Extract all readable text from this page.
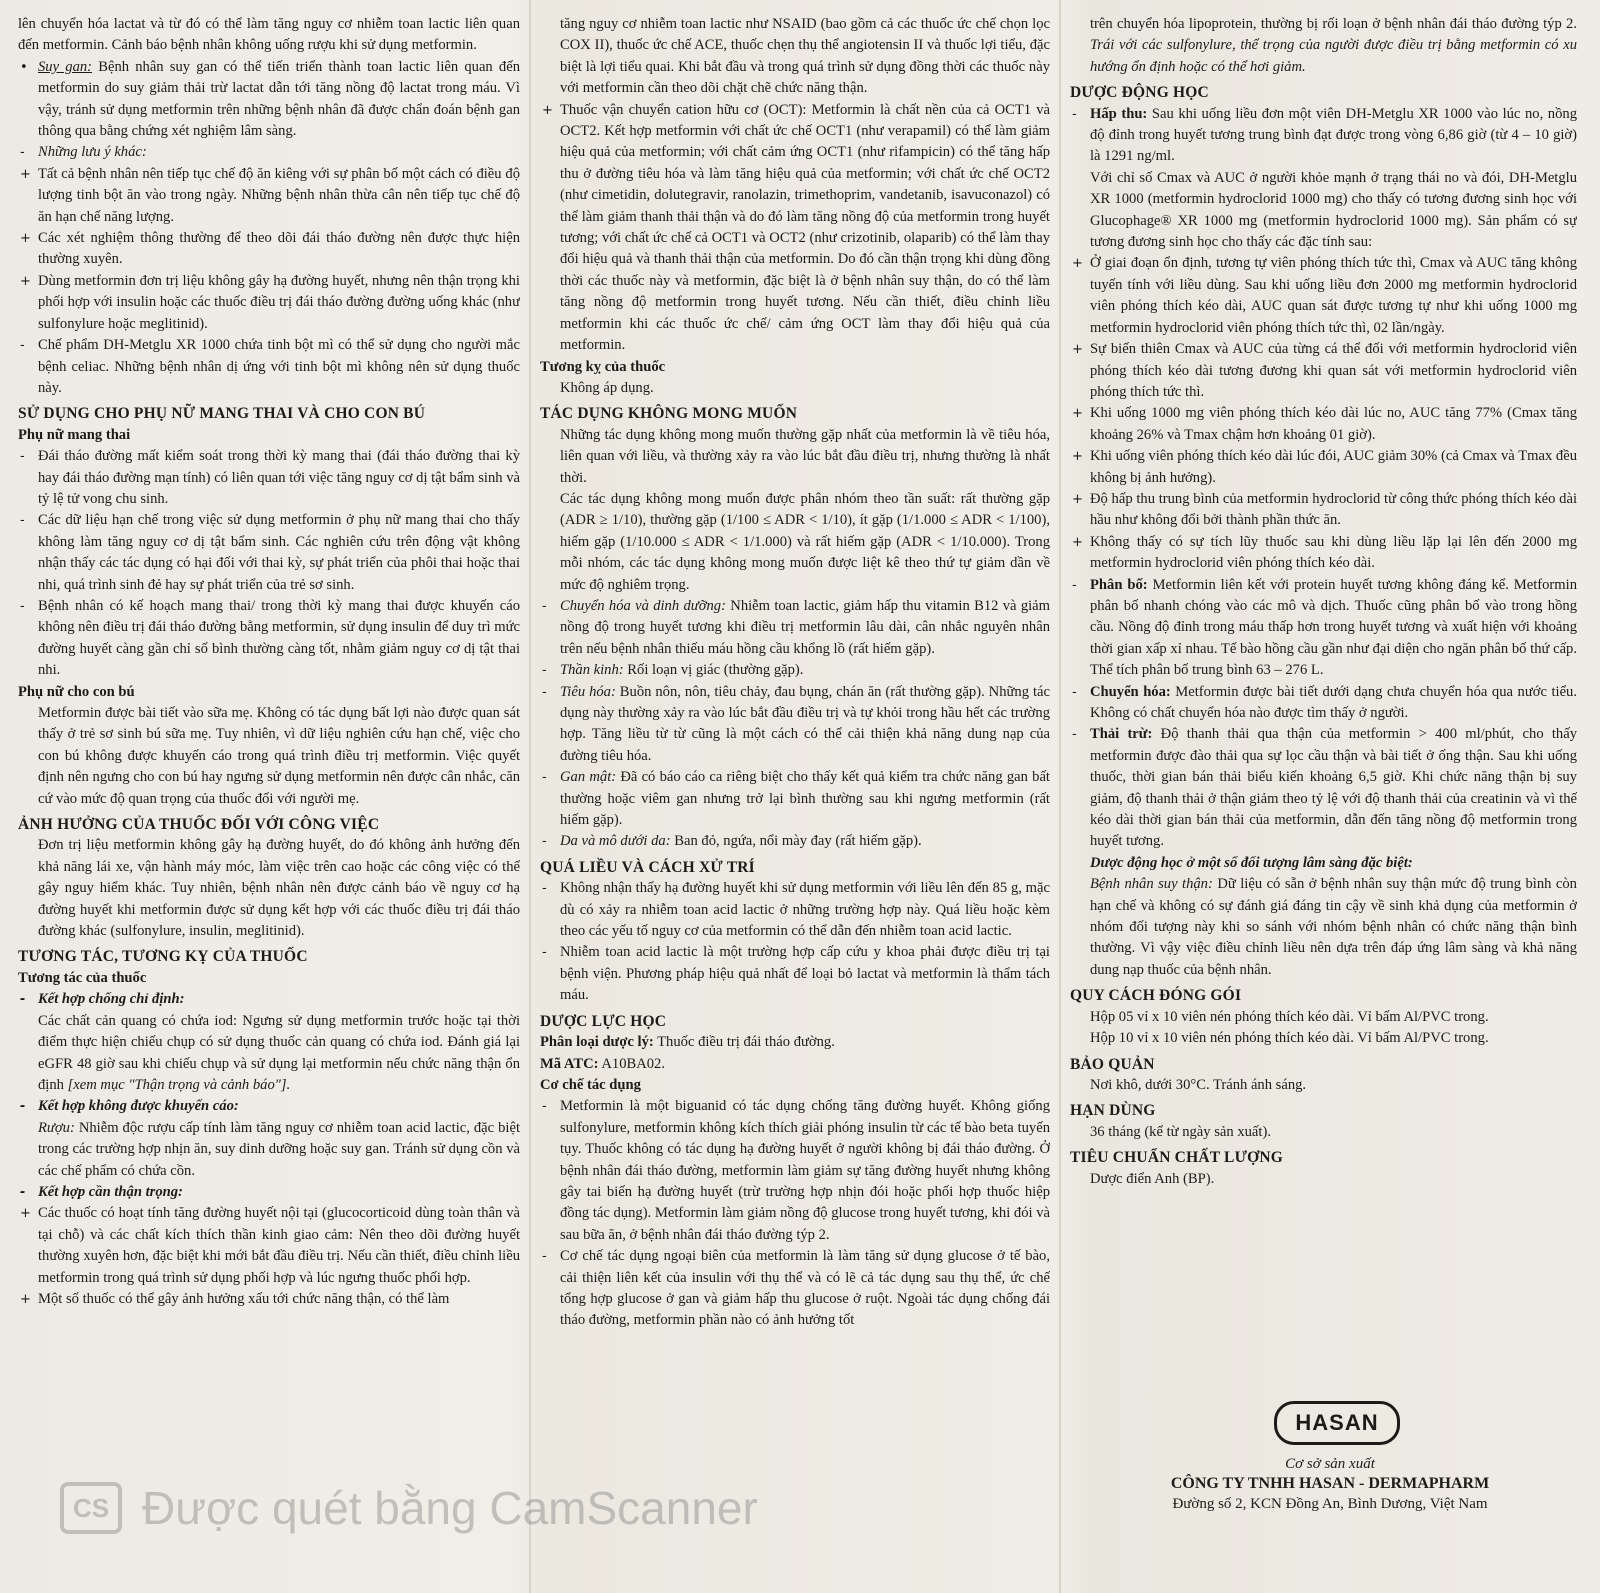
lên chuyển hóa lactat và từ đó có thể làm tăng nguy cơ nhiễm toan lactic liên quan đến metformin. Cảnh báo bệnh nhân không uống rượu khi sử dụng metformin.

• Suy gan: Bệnh nhân suy gan có thể tiến triển thành toan lactic liên quan đến metformin do suy giảm thải trừ lactat dẫn tới tăng nồng độ lactat trong máu. Vì vậy, tránh sử dụng metformin trên những bệnh nhân đã được chẩn đoán bệnh gan thông qua bằng chứng xét nghiệm lâm sàng.
- Những lưu ý khác:
+ Tất cả bệnh nhân nên tiếp tục chế độ ăn kiêng với sự phân bố một cách có điều độ lượng tinh bột ăn vào trong ngày. Những bệnh nhân thừa cân nên tiếp tục chế độ ăn hạn chế năng lượng.
+ Các xét nghiệm thông thường để theo dõi đái tháo đường nên được thực hiện thường xuyên.
+ Dùng metformin đơn trị liệu không gây hạ đường huyết, nhưng nên thận trọng khi phối hợp với insulin hoặc các thuốc điều trị đái tháo đường đường uống khác (như sulfonylure hoặc meglitinid).
- Chế phẩm DH-Metglu XR 1000 chứa tinh bột mì có thể sử dụng cho người mắc bệnh celiac. Những bệnh nhân dị ứng với tinh bột mì không nên sử dụng thuốc này.

SỬ DỤNG CHO PHỤ NỮ MANG THAI VÀ CHO CON BÚ

Phụ nữ mang thai

- Đái tháo đường mất kiểm soát trong thời kỳ mang thai (đái tháo đường thai kỳ hay đái tháo đường mạn tính) có liên quan tới việc tăng nguy cơ dị tật bẩm sinh và tỷ lệ tử vong chu sinh.
- Các dữ liệu hạn chế trong việc sử dụng metformin ở phụ nữ mang thai cho thấy không làm tăng nguy cơ dị tật bẩm sinh. Các nghiên cứu trên động vật không nhận thấy các tác dụng có hại đối với thai kỳ, sự phát triển của phôi thai hoặc thai nhi, quá trình sinh đẻ hay sự phát triển của trẻ sơ sinh.
- Bệnh nhân có kế hoạch mang thai/ trong thời kỳ mang thai được khuyến cáo không nên điều trị đái tháo đường bằng metformin, sử dụng insulin để duy trì mức đường huyết càng gần chỉ số bình thường càng tốt, nhằm giảm nguy cơ dị tật thai nhi.

Phụ nữ cho con bú

Metformin được bài tiết vào sữa mẹ. Không có tác dụng bất lợi nào được quan sát thấy ở trẻ sơ sinh bú sữa mẹ. Tuy nhiên, vì dữ liệu nghiên cứu hạn chế, việc cho con bú không được khuyến cáo trong quá trình điều trị metformin. Việc quyết định nên ngưng cho con bú hay ngưng sử dụng metformin nên được cân nhắc, căn cứ vào mức độ quan trọng của thuốc đối với người mẹ.

ẢNH HƯỞNG CỦA THUỐC ĐỐI VỚI CÔNG VIỆC

Đơn trị liệu metformin không gây hạ đường huyết, do đó không ảnh hưởng đến khả năng lái xe, vận hành máy móc, làm việc trên cao hoặc các công việc có thể gây nguy hiểm khác. Tuy nhiên, bệnh nhân nên được cảnh báo về nguy cơ hạ đường huyết khi metformin được sử dụng kết hợp với các thuốc điều trị đái tháo đường khác (sulfonylure, insulin, meglitinid).

TƯƠNG TÁC, TƯƠNG KỴ CỦA THUỐC

Tương tác của thuốc

- Kết hợp chống chỉ định:

Các chất cản quang có chứa iod: Ngưng sử dụng metformin trước hoặc tại thời điểm thực hiện chiếu chụp có sử dụng thuốc cản quang có chứa iod. Đánh giá lại eGFR 48 giờ sau khi chiếu chụp và sử dụng lại metformin nếu chức năng thận ổn định [xem mục "Thận trọng và cảnh báo"].

- Kết hợp không được khuyến cáo:

Rượu: Nhiễm độc rượu cấp tính làm tăng nguy cơ nhiễm toan acid lactic, đặc biệt trong các trường hợp nhịn ăn, suy dinh dưỡng hoặc suy gan. Tránh sử dụng cồn và các chế phẩm có chứa cồn.

- Kết hợp cần thận trọng:
+ Các thuốc có hoạt tính tăng đường huyết nội tại (glucocorticoid dùng toàn thân và tại chỗ) và các chất kích thích thần kinh giao cảm: Nên theo dõi đường huyết thường xuyên hơn, đặc biệt khi mới bắt đầu điều trị. Nếu cần thiết, điều chỉnh liều metformin trong quá trình sử dụng phối hợp và lúc ngưng thuốc phối hợp.
+ Một số thuốc có thể gây ảnh hưởng xấu tới chức năng thận, có thể làm

tăng nguy cơ nhiễm toan lactic như NSAID (bao gồm cả các thuốc ức chế chọn lọc COX II), thuốc ức chế ACE, thuốc chẹn thụ thể angiotensin II và thuốc lợi tiểu, đặc biệt là lợi tiểu quai. Khi bắt đầu và trong quá trình sử dụng đồng thời các thuốc này với metformin cần theo dõi chặt chẽ chức năng thận.

+ Thuốc vận chuyển cation hữu cơ (OCT): Metformin là chất nền của cả OCT1 và OCT2. Kết hợp metformin với chất ức chế OCT1 (như verapamil) có thể làm giảm hiệu quả của metformin; với chất cảm ứng OCT1 (như rifampicin) có thể tăng hấp thu ở đường tiêu hóa và làm tăng hiệu quả của metformin; với chất ức chế OCT2 (như cimetidin, dolutegravir, ranolazin, trimethoprim, vandetanib, isavuconazol) có thể làm giảm thanh thải thận và do đó làm tăng nồng độ của metformin trong huyết tương; với chất ức chế cả OCT1 và OCT2 (như crizotinib, olaparib) có thể làm thay đổi hiệu quả và thanh thải thận của metformin. Do đó cần thận trọng khi dùng đồng thời các thuốc này và metformin, đặc biệt là ở bệnh nhân suy thận, do có thể làm tăng nồng độ metformin trong huyết tương. Nếu cần thiết, điều chỉnh liều metformin khi các thuốc ức chế/ cảm ứng OCT làm thay đổi hiệu quả của metformin.

Tương kỵ của thuốc

Không áp dụng.

TÁC DỤNG KHÔNG MONG MUỐN

Những tác dụng không mong muốn thường gặp nhất của metformin là về tiêu hóa, liên quan với liều, và thường xảy ra vào lúc bắt đầu điều trị, nhưng thường là nhất thời.

Các tác dụng không mong muốn được phân nhóm theo tần suất: rất thường gặp (ADR ≥ 1/10), thường gặp (1/100 ≤ ADR < 1/10), ít gặp (1/1.000 ≤ ADR < 1/100), hiếm gặp (1/10.000 ≤ ADR < 1/1.000) và rất hiếm gặp (ADR < 1/10.000). Trong mỗi nhóm, các tác dụng không mong muốn được liệt kê theo thứ tự giảm dần về mức độ nghiêm trọng.

- Chuyển hóa và dinh dưỡng: Nhiễm toan lactic, giảm hấp thu vitamin B12 và giảm nồng độ trong huyết tương khi điều trị metformin lâu dài, cân nhắc nguyên nhân trên nếu bệnh nhân thiếu máu hồng cầu khổng lồ (rất hiếm gặp).
- Thần kinh: Rối loạn vị giác (thường gặp).
- Tiêu hóa: Buồn nôn, nôn, tiêu chảy, đau bụng, chán ăn (rất thường gặp). Những tác dụng này thường xảy ra vào lúc bắt đầu điều trị và tự khỏi trong hầu hết các trường hợp. Tăng liều từ từ cũng là một cách có thể cải thiện khả năng dung nạp của đường tiêu hóa.
- Gan mật: Đã có báo cáo ca riêng biệt cho thấy kết quả kiểm tra chức năng gan bất thường hoặc viêm gan nhưng trở lại bình thường sau khi ngưng metformin (rất hiếm gặp).
- Da và mô dưới da: Ban đỏ, ngứa, nổi mày đay (rất hiếm gặp).

QUÁ LIỀU VÀ CÁCH XỬ TRÍ

- Không nhận thấy hạ đường huyết khi sử dụng metformin với liều lên đến 85 g, mặc dù có xảy ra nhiễm toan acid lactic ở những trường hợp này. Quá liều hoặc kèm theo các yếu tố nguy cơ của metformin có thể dẫn đến nhiễm toan acid lactic.
- Nhiễm toan acid lactic là một trường hợp cấp cứu y khoa phải được điều trị tại bệnh viện. Phương pháp hiệu quả nhất để loại bỏ lactat và metformin là thẩm tách máu.

DƯỢC LỰC HỌC

Phân loại dược lý: Thuốc điều trị đái tháo đường.

Mã ATC: A10BA02.

Cơ chế tác dụng

- Metformin là một biguanid có tác dụng chống tăng đường huyết. Không giống sulfonylure, metformin không kích thích giải phóng insulin từ các tế bào beta tuyến tụy. Thuốc không có tác dụng hạ đường huyết ở người không bị đái tháo đường. Ở bệnh nhân đái tháo đường, metformin làm giảm sự tăng đường huyết nhưng không gây tai biến hạ đường huyết (trừ trường hợp nhịn đói hoặc phối hợp thuốc hiệp đồng tác dụng). Metformin làm giảm nồng độ glucose trong huyết tương, khi đói và sau bữa ăn, ở bệnh nhân đái tháo đường týp 2.
- Cơ chế tác dụng ngoại biên của metformin là làm tăng sử dụng glucose ở tế bào, cải thiện liên kết của insulin với thụ thể và có lẽ cả tác dụng sau thụ thể, ức chế tổng hợp glucose ở gan và giảm hấp thu glucose ở ruột. Ngoài tác dụng chống đái tháo đường, metformin phần nào có ảnh hưởng tốt

trên chuyển hóa lipoprotein, thường bị rối loạn ở bệnh nhân đái tháo đường týp 2. Trái với các sulfonylure, thể trọng của người được điều trị bằng metformin có xu hướng ổn định hoặc có thể hơi giảm.

DƯỢC ĐỘNG HỌC

- Hấp thu: Sau khi uống liều đơn một viên DH-Metglu XR 1000 vào lúc no, nồng độ đỉnh trong huyết tương trung bình đạt được trong vòng 6,86 giờ (từ 4 – 10 giờ) là 1291 ng/ml.

Với chỉ số Cmax và AUC ở người khỏe mạnh ở trạng thái no và đói, DH-Metglu XR 1000 (metformin hydroclorid 1000 mg) cho thấy có tương đương sinh học với Glucophage® XR 1000 mg (metformin hydroclorid 1000 mg). Sản phẩm có sự tương đương sinh học cho thấy các đặc tính sau:

+ Ở giai đoạn ổn định, tương tự viên phóng thích tức thì, Cmax và AUC tăng không tuyến tính với liều dùng. Sau khi uống liều đơn 2000 mg metformin hydroclorid viên phóng thích kéo dài, AUC quan sát được tương tự như khi uống 1000 mg metformin hydroclorid viên phóng thích tức thì, 02 lần/ngày.
+ Sự biến thiên Cmax và AUC của từng cá thể đối với metformin hydroclorid viên phóng thích kéo dài tương đương khi quan sát với metformin hydroclorid viên phóng thích tức thì.
+ Khi uống 1000 mg viên phóng thích kéo dài lúc no, AUC tăng 77% (Cmax tăng khoảng 26% và Tmax chậm hơn khoảng 01 giờ).
+ Khi uống viên phóng thích kéo dài lúc đói, AUC giảm 30% (cả Cmax và Tmax đều không bị ảnh hưởng).
+ Độ hấp thu trung bình của metformin hydroclorid từ công thức phóng thích kéo dài hầu như không đổi bởi thành phần thức ăn.
+ Không thấy có sự tích lũy thuốc sau khi dùng liều lặp lại lên đến 2000 mg metformin hydroclorid viên phóng thích kéo dài.
- Phân bố: Metformin liên kết với protein huyết tương không đáng kể. Metformin phân bố nhanh chóng vào các mô và dịch. Thuốc cũng phân bố vào trong hồng cầu. Nồng độ đỉnh trong máu thấp hơn trong huyết tương và xuất hiện với khoảng thời gian xấp xỉ nhau. Tế bào hồng cầu gần như đại diện cho ngăn phân bố thứ cấp. Thể tích phân bố trung bình 63 – 276 L.
- Chuyển hóa: Metformin được bài tiết dưới dạng chưa chuyển hóa qua nước tiểu. Không có chất chuyển hóa nào được tìm thấy ở người.
- Thải trừ: Độ thanh thải qua thận của metformin > 400 ml/phút, cho thấy metformin được đào thải qua sự lọc cầu thận và bài tiết ở ống thận. Sau khi uống thuốc, thời gian bán thải biểu kiến khoảng 6,5 giờ. Khi chức năng thận bị suy giảm, độ thanh thải ở thận giảm theo tỷ lệ với độ thanh thải của creatinin và vì thế kéo dài thời gian bán thải của metformin, dẫn đến tăng nồng độ metformin trong huyết tương.

Dược động học ở một số đối tượng lâm sàng đặc biệt:

Bệnh nhân suy thận: Dữ liệu có sẵn ở bệnh nhân suy thận mức độ trung bình còn hạn chế và không có sự đánh giá đáng tin cậy về sinh khả dụng của metformin ở nhóm đối tượng này khi so sánh với nhóm bệnh nhân có chức năng thận bình thường. Vì vậy việc điều chỉnh liều nên dựa trên đáp ứng lâm sàng và khả năng dung nạp thuốc của bệnh nhân.

QUY CÁCH ĐÓNG GÓI

Hộp 05 vỉ x 10 viên nén phóng thích kéo dài. Vỉ bấm Al/PVC trong.

Hộp 10 vỉ x 10 viên nén phóng thích kéo dài. Vỉ bấm Al/PVC trong.

BẢO QUẢN

Nơi khô, dưới 30°C. Tránh ánh sáng.

HẠN DÙNG

36 tháng (kể từ ngày sản xuất).

TIÊU CHUẨN CHẤT LƯỢNG

Dược điển Anh (BP).

HASAN
Cơ sở sản xuất
CÔNG TY TNHH HASAN - DERMAPHARM
Đường số 2, KCN Đồng An, Bình Dương, Việt Nam
CS Được quét bằng CamScanner
